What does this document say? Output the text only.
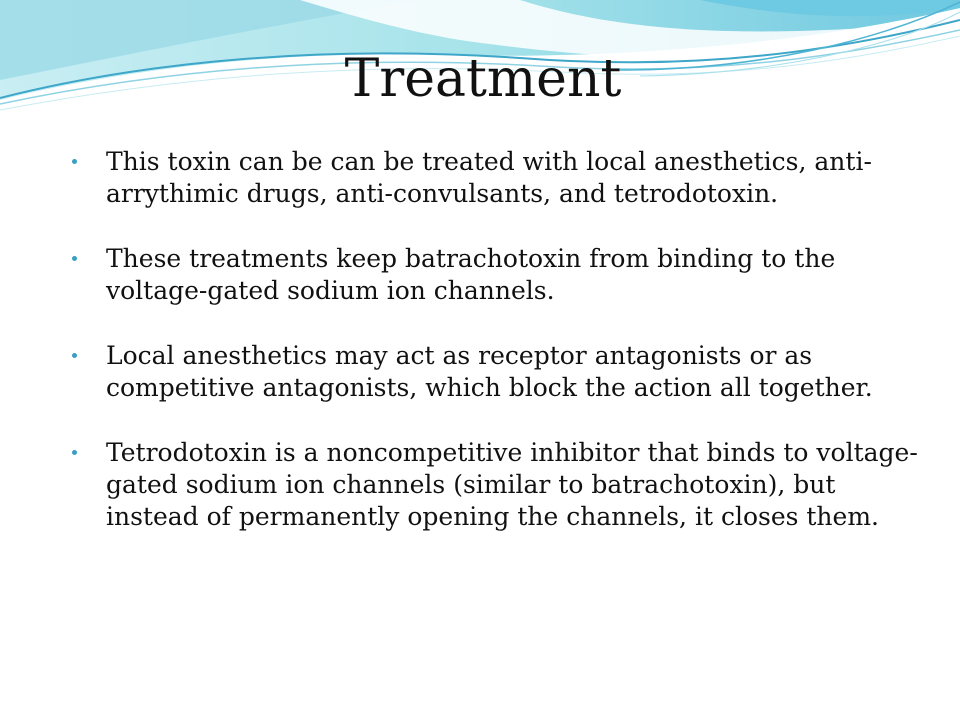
Treatment
This toxin can be can be treated with local anesthetics, anti-arrythimic drugs, anti-convulsants, and tetrodotoxin.
These treatments keep batrachotoxin from binding to the voltage-gated sodium ion channels.
Local anesthetics may act as receptor antagonists or as competitive antagonists, which block the action all together.
Tetrodotoxin is a noncompetitive inhibitor that binds to voltage-gated sodium ion channels (similar to batrachotoxin), but instead of permanently opening the channels, it closes them.
